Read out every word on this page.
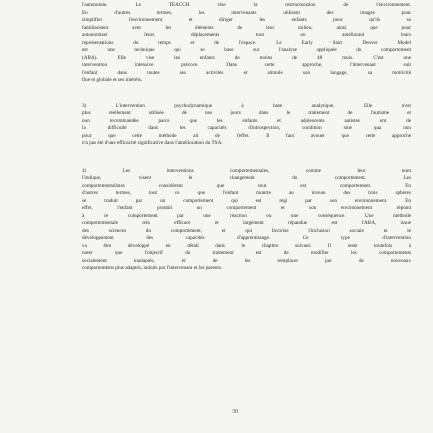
l'autonomie. Le TEACCH vise la restructuration de l'environnement.
En d'autres termes, les intervenants utilisent des images pour
simplifier l'environnement et diriger les enfants pour qu'ils se
familiarisent avec les éléments de leur milieu, ainsi que pour
autonomiser leurs déplacements tout en améliorant leurs
représentations du temps et de l'espace. Le Early Start Denver Model
est une technique qui se base sur l'analyse appliquée du comportement
(ABA). Elle vise les enfants de moins de 48 mois. C'est une
intervention intensive précoce. Dans cette approche, l'intervenant suit
l'enfant dans toutes ses activités et stimule son langage, sa motricité
fine et globale et ses intérêts.
3) L'intervention psychodynamique à base analytique. Elle n'est
plus réellement utilisée de nos jours dans le traitement de l'autisme et
non recommandée parce que les enfants et adolescents autistes ont de
la difficulté dans les capacités d'introspection, condition sine qua non
pour que cette méthode ait de l'effet. Il faut avouer que cette approche
n'a pas été d'une efficacité significative dans l'amélioration du TSA.
4) Les interventions comportementales, comme leur nom
l'indique, visent le changement du comportement. Les
comportementalistes considèrent que tout est comportement. En
d'autres termes, tout ce que l'enfant montre au niveau des trois sphères
se traduit par un comportement qui est régi par son environnement. En
effet, l'enfant produit un comportement et son environnement répond
à ce comportement par une réaction ou une conséquence. Une méthode
comportementale très efficace et largement répandue est l'ABA, issue
des sciences du comportement, et qui favorise l'inclusion sociale et le
développement des capacités d'apprentissage. Ce type d'intervention
va être développé en détail dans le chapitre suivant. Il reste toutefois à
noter que l'objectif du traitement est de modifier les comportements
socialement inadaptés, et de les remplacer par de nouveaux
comportements plus adaptés, induits par l'intervenant et les parents.
30
